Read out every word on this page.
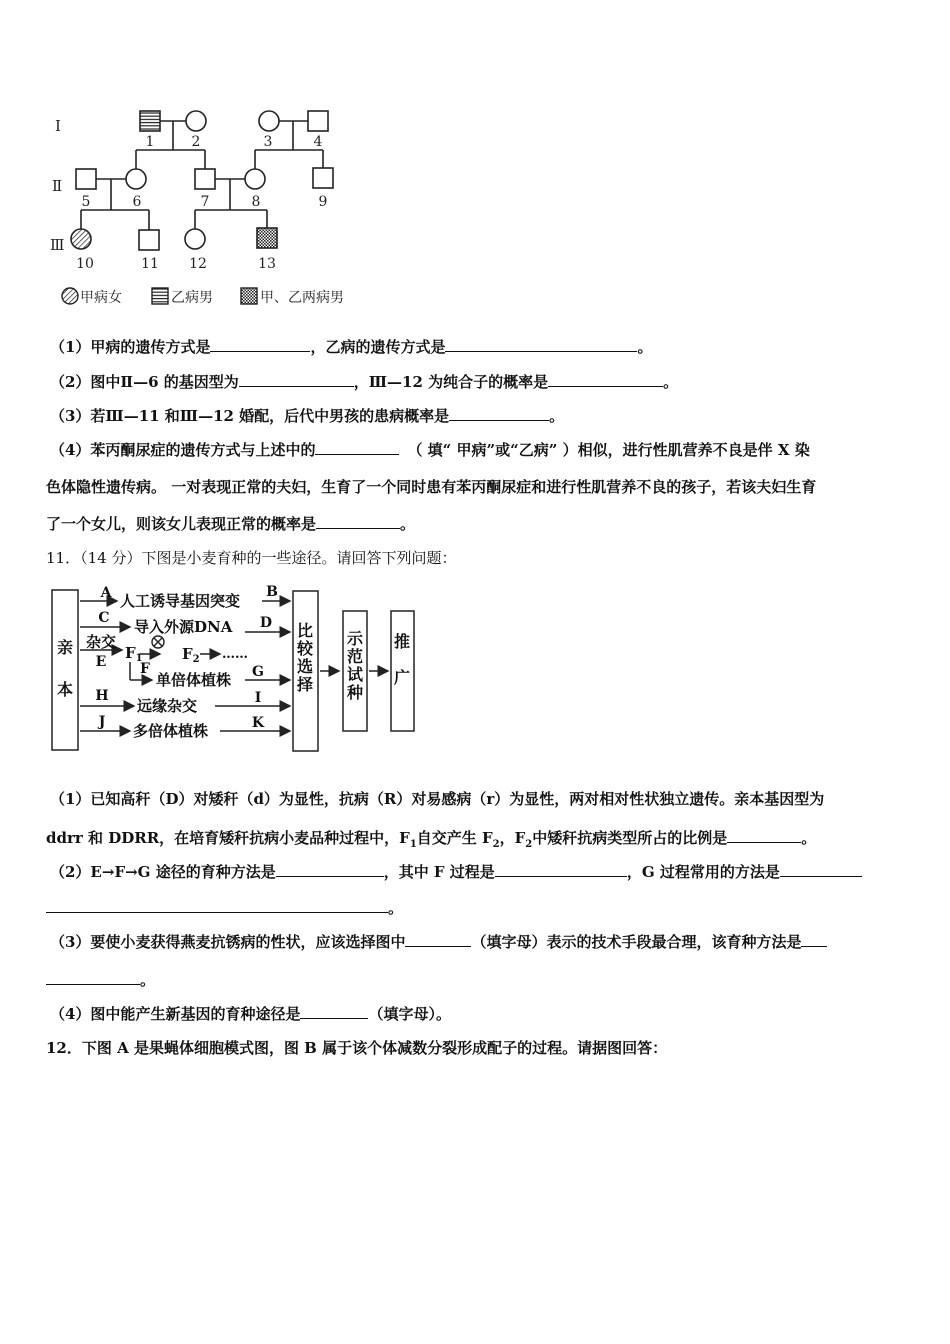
I
Ⅱ
Ⅲ
1	2	3	4
5	6	7	8	9
10	11 12	13
甲病女	乙病男	甲、乙两病男
（1）甲病的遗传方式是	，乙病的遗传方式是	。
（2）图中Ⅱ—6 的基因型为	，Ⅲ—12 为纯合子的概率是	。
（3）若Ⅲ—11 和Ⅲ—12 婚配，后代中男孩的患病概率是	。
（4）苯丙酮尿症的遗传方式与上述中的	（ 填“ 甲病”或“乙病” ）相似，进行性肌营养不良是伴 X 染
色体隐性遗传病。 一对表现正常的夫妇，生育了一个同时患有苯丙酮尿症和进行性肌营养不良的孩子，若该夫妇生育
了一个女儿，则该女儿表现正常的概率是	。
11．（14 分）下图是小麦育种的一些途径。请回答下列问题：
亲本
比较选择
示范试种
推广
人工诱导基因突变
导入外源DNA
杂交
$F_1$	$F_2$ ……
单倍体植株
远缘杂交
多倍体植株
A	B
C	D
E F	G
H	I
J	K
（1）已知高秆（D）对矮秆（d）为显性，抗病（R）对易感病（r）为显性，两对相对性状独立遗传。亲本基因型为
ddrr 和 DDRR，在培育矮秆抗病小麦品种过程中，$F_1$自交产生 $F_2$，$F_2$中矮秆抗病类型所占的比例是	。
（2）E→F→G 途径的育种方法是	，其中 F 过程是	，G 过程常用的方法是
。
（3）要使小麦获得燕麦抗锈病的性状，应该选择图中	（填字母）表示的技术手段最合理，该育种方法是
。
（4）图中能产生新基因的育种途径是	（填字母）。
12．下图 A 是果蝇体细胞模式图，图 B 属于该个体减数分裂形成配子的过程。请据图回答：
